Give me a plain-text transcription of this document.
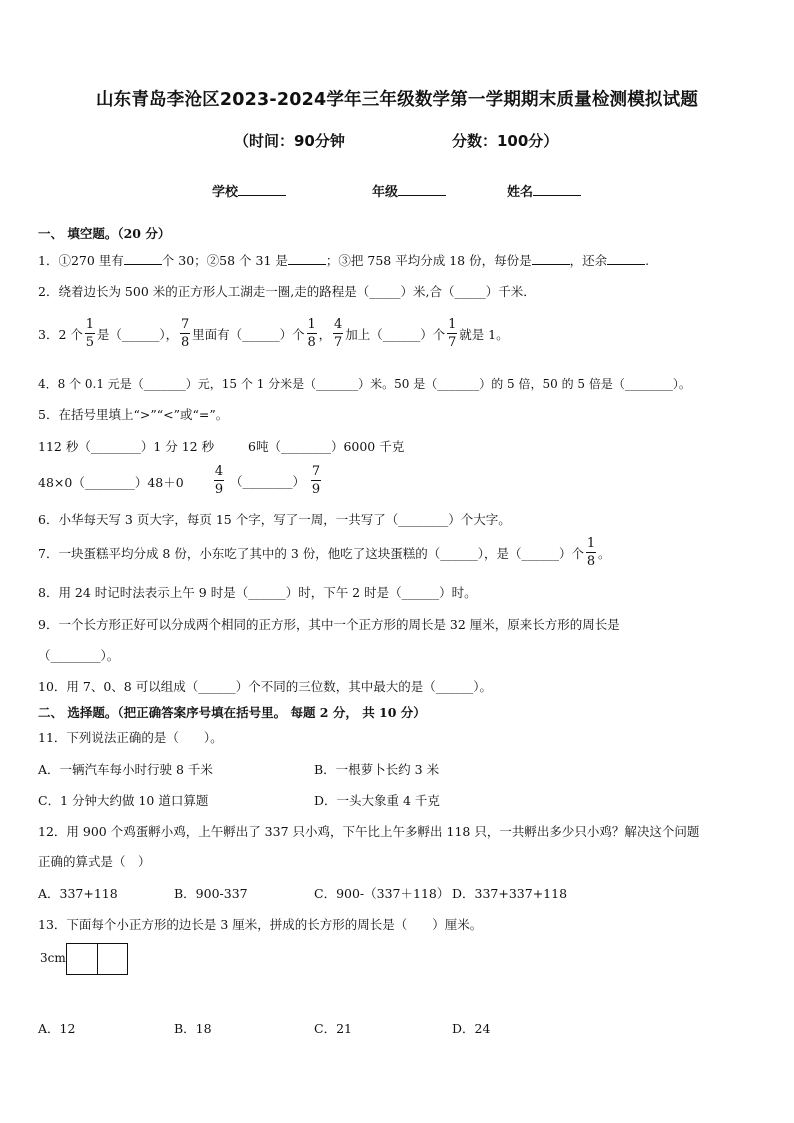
山东青岛李沧区2023-2024学年三年级数学第一学期期末质量检测模拟试题
（时间：90分钟	分数：100分）
学校	年级	姓名
一、 填空题。（20 分）
1．①270 里有	个 30；②58 个 31 是	；③把 758 平均分成 18 份，每份是	，还余	.
2．绕着边长为 500 米的正方形人工湖走一圈,走的路程是（_____）米,合（_____）千米．
3．2 个 $\frac{1}{5}$ 是（______）， $\frac{7}{8}$ 里面有（______）个 $\frac{1}{8}$ ， $\frac{4}{7}$ 加上（______）个 $\frac{1}{7}$ 就是 1。
4．8 个 0.1 元是（_______）元，15 个 1 分米是（_______）米。50 是（_______）的 5 倍，50 的 5 倍是（________）。
5．在括号里填上“>”“<”或“=”。
112 秒（________）1 分 12 秒	6吨（________）6000 千克
48×0（________）48＋0 $\frac{4}{9}$ （________） $\frac{7}{9}$
6．小华每天写 3 页大字，每页 15 个字，写了一周，一共写了（________）个大字。
7．一块蛋糕平均分成 8 份，小东吃了其中的 3 份，他吃了这块蛋糕的（______），是（______）个 $\frac{1}{8}$ 。
8．用 24 时记时法表示上午 9 时是（______）时，下午 2 时是（______）时。
9．一个长方形正好可以分成两个相同的正方形，其中一个正方形的周长是 32 厘米，原来长方形的周长是
（________）。
10．用 7、0、8 可以组成（______）个不同的三位数，其中最大的是（______）。
二、 选择题。（把正确答案序号填在括号里。 每题 2 分， 共 10 分）
11．下列说法正确的是（　　）。
A．一辆汽车每小时行驶 8 千米	B．一根萝卜长约 3 米
C．1 分钟大约做 10 道口算题	D．一头大象重 4 千克
12．用 900 个鸡蛋孵小鸡，上午孵出了 337 只小鸡，下午比上午多孵出 118 只，一共孵出多少只小鸡？解决这个问题
正确的算式是（　）
A．337+118	B．900-337	C．900-（337＋118） D．337+337+118
13．下面每个小正方形的边长是 3 厘米，拼成的长方形的周长是（　　）厘米。
3cm
A．12	B．18	C．21	D．24
